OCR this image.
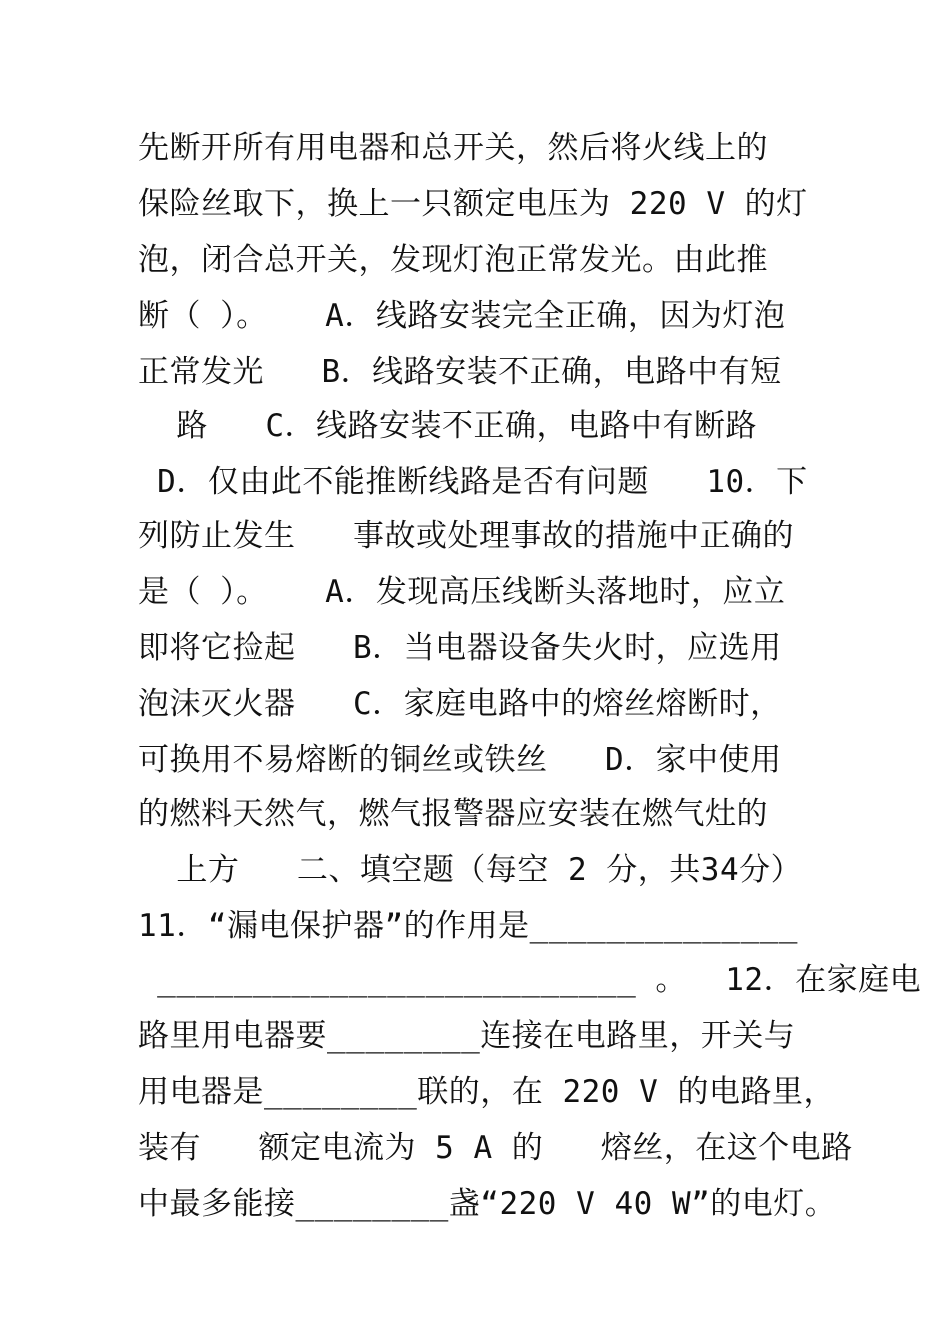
先断开所有用电器和总开关，然后将火线上的
保险丝取下，换上一只额定电压为 220 V 的灯
泡，闭合总开关，发现灯泡正常发光。由此推
断（ ）。   A．线路安装完全正确，因为灯泡
正常发光   B．线路安装不正确，电路中有短
路   C．线路安装不正确，电路中有断路
D．仅由此不能推断线路是否有问题   10．下
列防止发生   事故或处理事故的措施中正确的
是（ ）。   A．发现高压线断头落地时，应立
即将它捡起   B．当电器设备失火时，应选用
泡沫灭火器   C．家庭电路中的熔丝熔断时，
可换用不易熔断的铜丝或铁丝   D．家中使用
的燃料天然气，燃气报警器应安装在燃气灶的
上方   二、填空题（每空 2 分，共34分）
11．“漏电保护器”的作用是______________
_________________________ 。  12．在家庭电
路里用电器要________连接在电路里，开关与
用电器是________联的，在 220 V 的电路里，
装有   额定电流为 5 A 的   熔丝，在这个电路
中最多能接________盏“220 V 40 W”的电灯。
